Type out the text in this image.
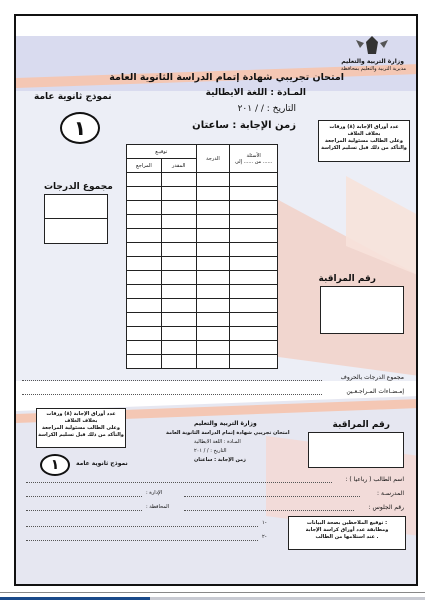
وزارة التربية والتعليم
مديرية التربية والتعليم بمحافظة
امتحان تجريبي شهادة إتمام الدراسة الثانوية العامة
المـادة : اللغة الايطالية
التاريخ : / / ٢٠١
زمن الإجابة : ساعتان
نموذج ثانوية عامة
١	عدد أوراق الإجابة (٨) ورقات
بخلاف الغلاف
وعلى الطالب مسئولية المراجعة
والتأكد من ذلك قبل تسليم الكراسة
توقيـع		الدرجة	الأسئلة
من ...... إلى ......

المراجع	المقدر		

مجموع الدرجات
رقم المراقبة
مجموع الدرجات بالحروف
إمـضـاءات المـراجـعـين
عدد أوراق الإجابة (٨) ورقات
بخلاف الغلاف
وعلى الطالب مسئولية المراجعة
والتأكد من ذلك قبل تسليم الكراسة
١	نموذج ثانوية عامة
وزارة التربية والتعليم
امتحان تجريبي شهادة إتمام الدراسة الثانوية العامة
المـادة : اللغة الايطالية
التاريخ : / / ٢٠١
زمن الإجابة : ساعتان
رقم المراقبة
اسم الطالب ( رباعيا ) :
المدرسـة :
الإدارة :
رقم الجلوس :
المحافظة :
-١
-٢
توقيع الملاحظين بصحة البيانات :
ومطابقة عدد أوراق كراسة الإجابة
عند استلامها من الطالب .
